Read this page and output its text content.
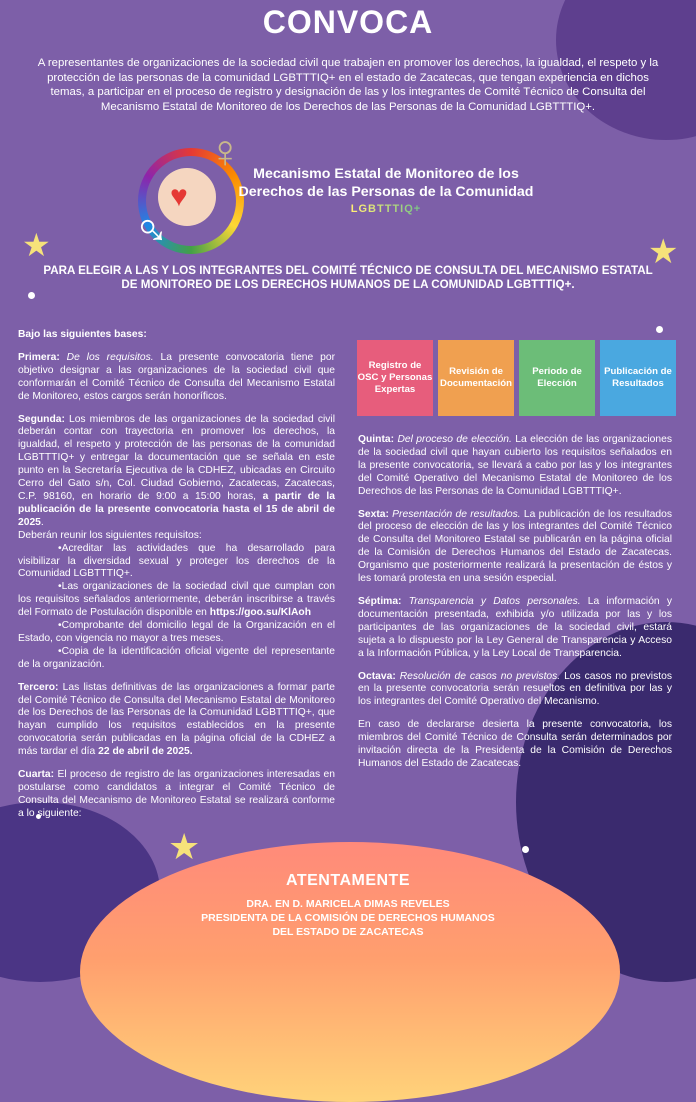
CONVOCA
A representantes de organizaciones de la sociedad civil que trabajen en promover los derechos, la igualdad, el respeto y la protección de las personas de la comunidad LGBTTTIQ+ en el estado de Zacatecas, que tengan experiencia en dichos temas, a participar en el proceso de registro y designación de las y los integrantes de Comité Técnico de Consulta del Mecanismo Estatal de Monitoreo de los Derechos de las Personas de la Comunidad LGBTTTIQ+.
♥
♀
♂
Mecanismo Estatal de Monitoreo de los Derechos de las Personas de la Comunidad
LGBTTTIQ+
★	★
★
PARA ELEGIR A LAS Y LOS INTEGRANTES DEL COMITÉ TÉCNICO DE CONSULTA DEL MECANISMO ESTATAL DE MONITOREO DE LOS DERECHOS HUMANOS DE LA COMUNIDAD LGBTTTIQ+.

Bajo las siguientes bases:

Primera: De los requisitos. La presente convocatoria tiene por objetivo designar a las organizaciones de la sociedad civil que conformarán el Comité Técnico de Consulta del Mecanismo Estatal de Monitoreo, estos cargos serán honoríficos.

Segunda: Los miembros de las organizaciones de la sociedad civil deberán contar con trayectoria en promover los derechos, la igualdad, el respeto y protección de las personas de la comunidad LGBTTTIQ+ y entregar la documentación que se señala en este punto en la Secretaría Ejecutiva de la CDHEZ, ubicadas en Circuito Cerro del Gato s/n, Col. Ciudad Gobierno, Zacatecas, Zacatecas, C.P. 98160, en horario de 9:00 a 15:00 horas, a partir de la publicación de la presente convocatoria hasta el 15 de abril de 2025.

Deberán reunir los siguientes requisitos:

•Acreditar las actividades que ha desarrollado para visibilizar la diversidad sexual y proteger los derechos de la Comunidad LGBTTTIQ+.

•Las organizaciones de la sociedad civil que cumplan con los requisitos señalados anteriormente, deberán inscribirse a través del Formato de Postulación disponible en https://goo.su/KlAoh

•Comprobante del domicilio legal de la Organización en el Estado, con vigencia no mayor a tres meses.

•Copia de la identificación oficial vigente del representante de la organización.

Tercero: Las listas definitivas de las organizaciones a formar parte del Comité Técnico de Consulta del Mecanismo Estatal de Monitoreo de los Derechos de las Personas de la Comunidad LGBTTTIQ+, que hayan cumplido los requisitos establecidos en la presente convocatoria serán publicadas en la página oficial de la CDHEZ a más tardar el día 22 de abril de 2025.

Cuarta: El proceso de registro de las organizaciones interesadas en postularse como candidatos a integrar el Comité Técnico de Consulta del Mecanismo de Monitoreo Estatal se realizará conforme a lo siguiente:

Registro de OSC y Personas Expertas
Revisión de Documentación
Periodo de Elección
Publicación de Resultados

Quinta: Del proceso de elección. La elección de las organizaciones de la sociedad civil que hayan cubierto los requisitos señalados en la presente convocatoria, se llevará a cabo por las y los integrantes del Comité Operativo del Mecanismo Estatal de Monitoreo de los Derechos de las Personas de la Comunidad LGBTTTIQ+.

Sexta: Presentación de resultados. La publicación de los resultados del proceso de elección de las y los integrantes del Comité Técnico de Consulta del Monitoreo Estatal se publicarán en la página oficial de la Comisión de Derechos Humanos del Estado de Zacatecas. Organismo que posteriormente realizará la presentación de éstos y les tomará protesta en una sesión especial.

Séptima: Transparencia y Datos personales. La información y documentación presentada, exhibida y/o utilizada por las y los participantes de las organizaciones de la sociedad civil, estará sujeta a lo dispuesto por la Ley General de Transparencia y Acceso a la Información Pública, y la Ley Local de Transparencia.

Octava: Resolución de casos no previstos. Los casos no previstos en la presente convocatoria serán resueltos en definitiva por las y los integrantes del Comité Operativo del Mecanismo.

En caso de declararse desierta la presente convocatoria, los miembros del Comité Técnico de Consulta serán determinados por invitación directa de la Presidenta de la Comisión de Derechos Humanos del Estado de Zacatecas.

ATENTAMENTE
DRA. EN D. MARICELA DIMAS REVELES
PRESIDENTA DE LA COMISIÓN DE DERECHOS HUMANOS
DEL ESTADO DE ZACATECAS
